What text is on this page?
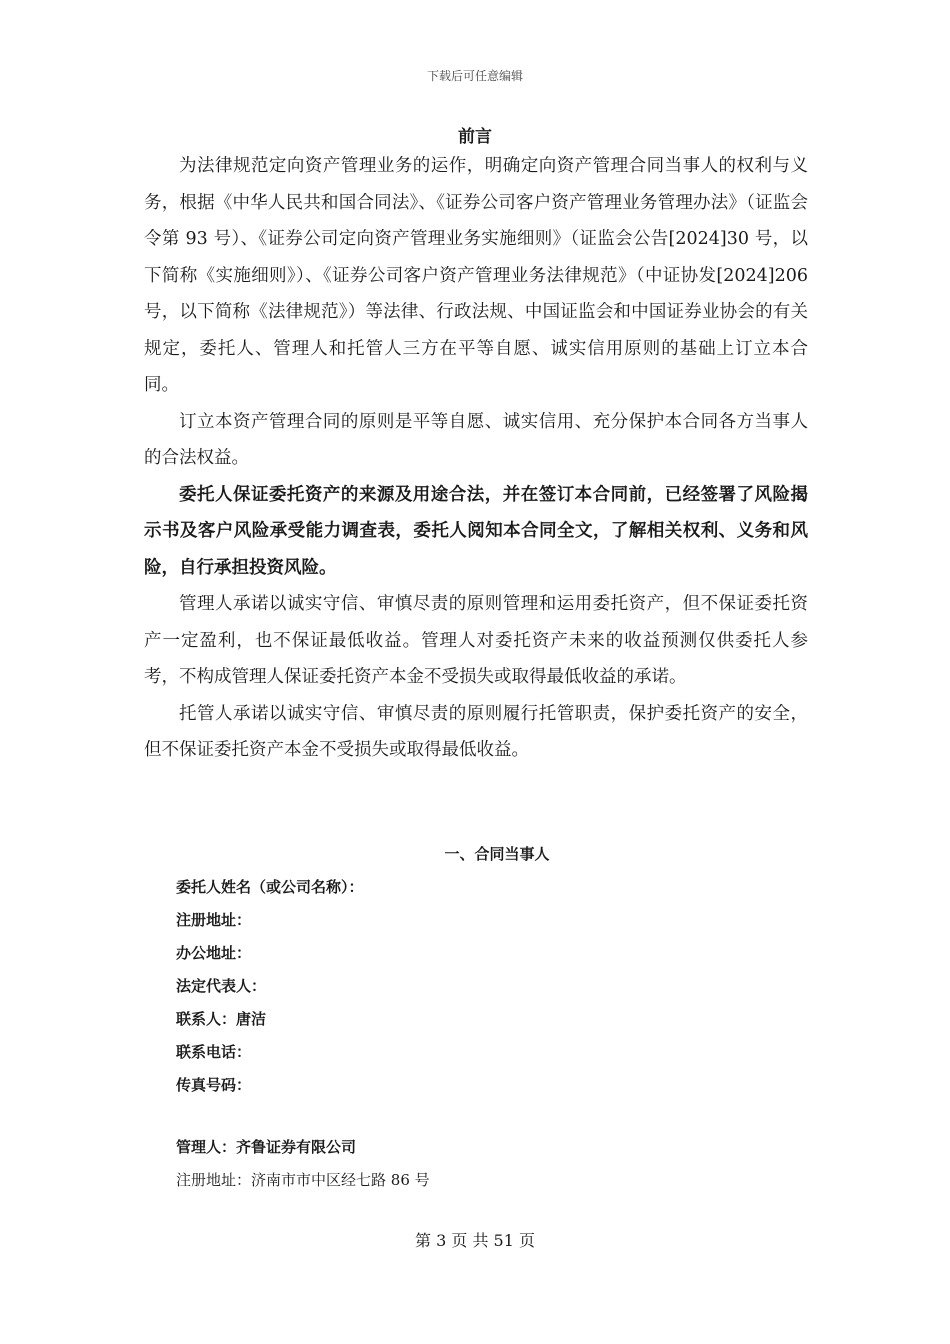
下载后可任意编辑
前言

为法律规范定向资产管理业务的运作，明确定向资产管理合同当事人的权利与义务，根据《中华人民共和国合同法》、《证券公司客户资产管理业务管理办法》（证监会令第 93 号）、《证券公司定向资产管理业务实施细则》（证监会公告[2024]30 号，以下简称《实施细则》）、《证券公司客户资产管理业务法律规范》（中证协发[2024]206 号，以下简称《法律规范》）等法律、行政法规、中国证监会和中国证券业协会的有关规定，委托人、管理人和托管人三方在平等自愿、诚实信用原则的基础上订立本合同。

订立本资产管理合同的原则是平等自愿、诚实信用、充分保护本合同各方当事人的合法权益。

委托人保证委托资产的来源及用途合法，并在签订本合同前，已经签署了风险揭示书及客户风险承受能力调查表，委托人阅知本合同全文，了解相关权利、义务和风险，自行承担投资风险。

管理人承诺以诚实守信、审慎尽责的原则管理和运用委托资产，但不保证委托资产一定盈利，也不保证最低收益。管理人对委托资产未来的收益预测仅供委托人参考，不构成管理人保证委托资产本金不受损失或取得最低收益的承诺。

托管人承诺以诚实守信、审慎尽责的原则履行托管职责，保护委托资产的安全，但不保证委托资产本金不受损失或取得最低收益。

一、合同当事人
委托人姓名（或公司名称）：
注册地址：
办公地址：
法定代表人：
联系人：唐洁
联系电话：
传真号码：
管理人：齐鲁证券有限公司
注册地址：济南市市中区经七路 86 号
第 3 页 共 51 页
